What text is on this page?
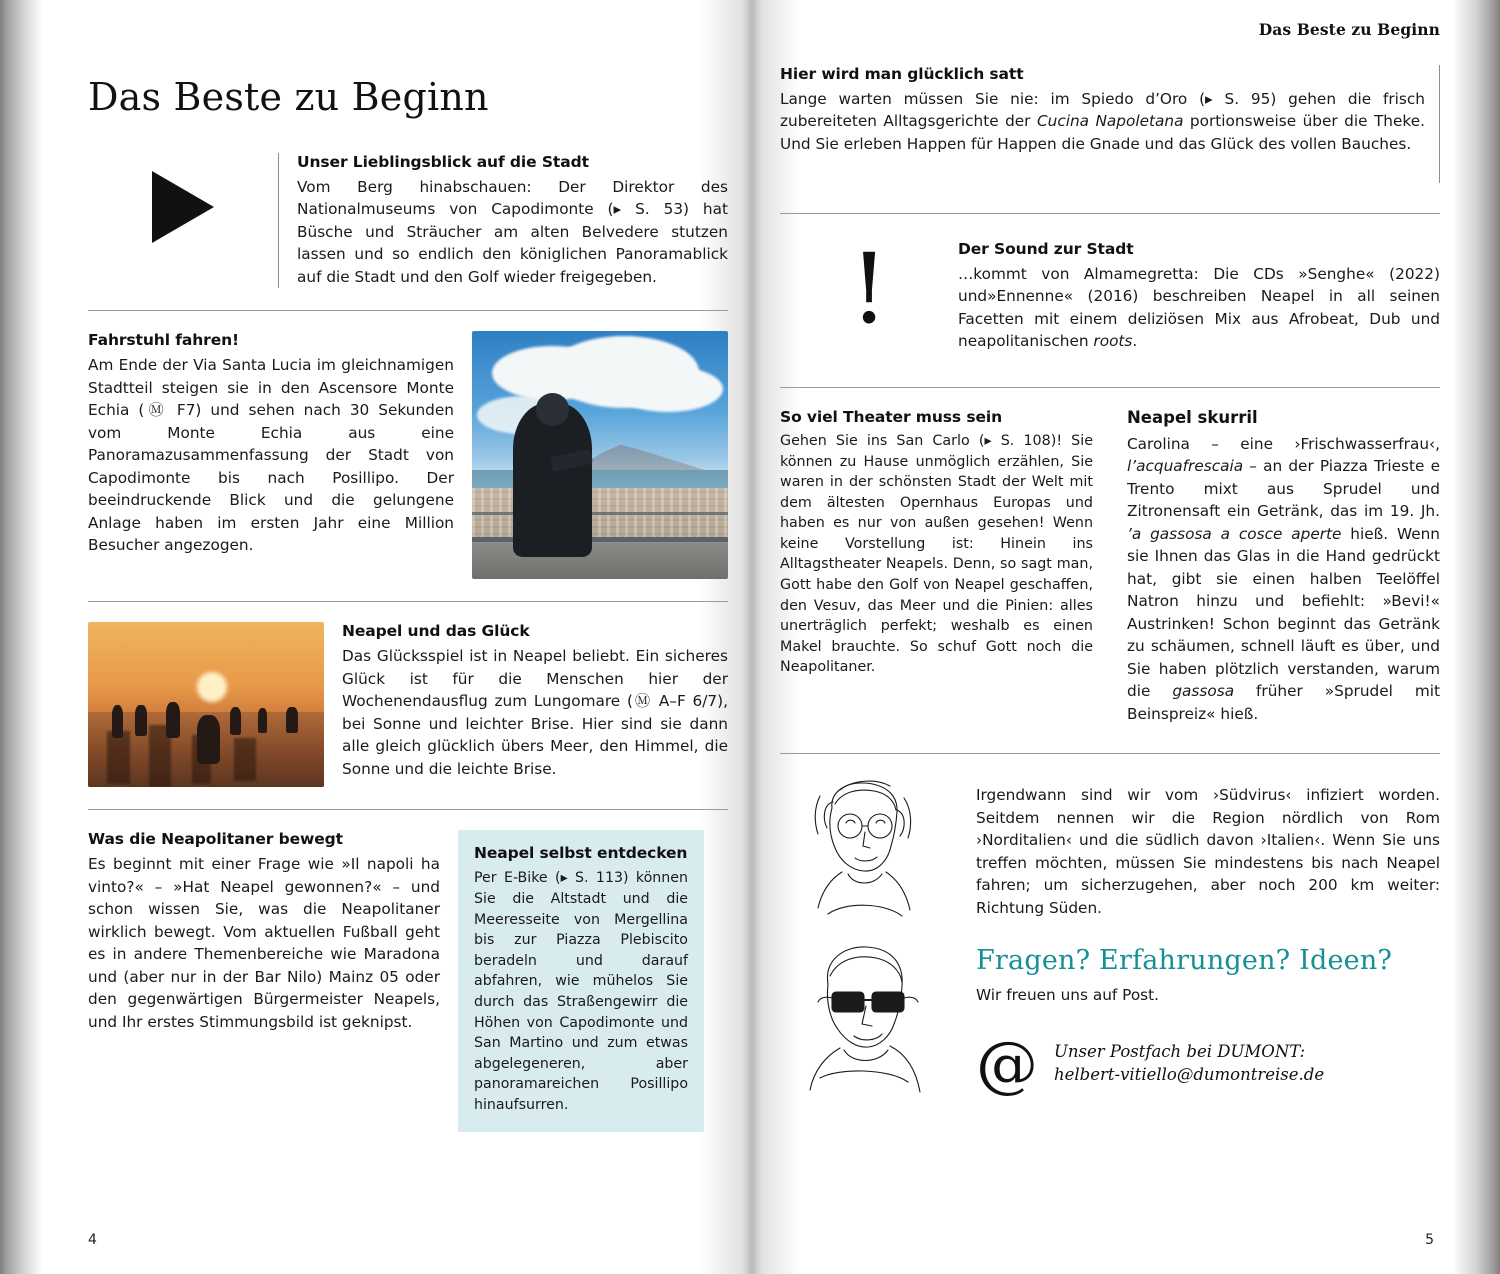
Das Beste zu Beginn
Unser Lieblingsblick auf die Stadt

Vom Berg hinabschauen: Der Direktor des Nationalmuseums von Capodimonte (▸ S. 53) hat Büsche und Sträucher am alten Belvedere stutzen lassen und so endlich den königlichen Panoramablick auf die Stadt und den Golf wieder freigegeben.

Fahrstuhl fahren!

Am Ende der Via Santa Lucia im gleichnamigen Stadtteil steigen sie in den Ascensore Monte Echia (Ⓜ F7) und sehen nach 30 Sekunden vom Monte Echia aus eine Panoramazusammenfassung der Stadt von Capodimonte bis nach Posillipo. Der beeindruckende Blick und die gelungene Anlage haben im ersten Jahr eine Million Besucher angezogen.

Neapel und das Glück

Das Glücksspiel ist in Neapel beliebt. Ein sicheres Glück ist für die Menschen hier der Wochenendausflug zum Lungomare (Ⓜ A–F 6/7), bei Sonne und leichter Brise. Hier sind sie dann alle gleich glücklich übers Meer, den Himmel, die Sonne und die leichte Brise.

Was die Neapolitaner bewegt

Es beginnt mit einer Frage wie »Il napoli ha vinto?« – »Hat Neapel gewonnen?« – und schon wissen Sie, was die Neapolitaner wirklich bewegt. Vom aktuellen Fußball geht es in andere Themenbereiche wie Maradona und (aber nur in der Bar Nilo) Mainz 05 oder den gegenwärtigen Bürgermeister Neapels, und Ihr erstes Stimmungsbild ist geknipst.

Neapel selbst entdecken

Per E-Bike (▸ S. 113) können Sie die Altstadt und die Meeresseite von Mergellina bis zur Piazza Plebiscito beradeln und darauf abfahren, wie mühelos Sie durch das Straßengewirr die Höhen von Capodimonte und San Martino und zum etwas abgelegeneren, aber panoramareichen Posillipo hinaufsurren.

4
Das Beste zu Beginn
Hier wird man glücklich satt

Lange warten müssen Sie nie: im Spiedo d’Oro (▸ S. 95) gehen die frisch zubereiteten Alltagsgerichte der Cucina Napoletana portionsweise über die Theke. Und Sie erleben Happen für Happen die Gnade und das Glück des vollen Bauches.

!	Der Sound zur Stadt

…kommt von Almamegretta: Die CDs »Senghe« (2022) und»Ennenne« (2016) beschreiben Neapel in all seinen Facetten mit einem deliziösen Mix aus Afrobeat, Dub und neapolitanischen roots.

So viel Theater muss sein

Gehen Sie ins San Carlo (▸ S. 108)! Sie können zu Hause unmöglich erzählen, Sie waren in der schönsten Stadt der Welt mit dem ältesten Opernhaus Europas und haben es nur von außen gesehen! Wenn keine Vorstellung ist: Hinein ins Alltagstheater Neapels. Denn, so sagt man, Gott habe den Golf von Neapel geschaffen, den Vesuv, das Meer und die Pinien: alles unerträglich perfekt; weshalb es einen Makel brauchte. So schuf Gott noch die Neapolitaner.

Neapel skurril

Carolina – eine ›Frischwasserfrau‹, l’acquafrescaia – an der Piazza Trieste e Trento mixt aus Sprudel und Zitronensaft ein Getränk, das im 19. Jh. ’a gassosa a cosce aperte hieß. Wenn sie Ihnen das Glas in die Hand gedrückt hat, gibt sie einen halben Teelöffel Natron hinzu und befiehlt: »Bevi!« Austrinken! Schon beginnt das Getränk zu schäumen, schnell läuft es über, und Sie haben plötzlich verstanden, warum die gassosa früher »Sprudel mit Beinspreiz« hieß.

Irgendwann sind wir vom ›Südvirus‹ infiziert worden. Seitdem nennen wir die Region nördlich von Rom ›Norditalien‹ und die südlich davon ›Italien‹. Wenn Sie uns treffen möchten, müssen Sie mindestens bis nach Neapel fahren; um sicherzugehen, aber noch 200 km weiter: Richtung Süden.

Fragen? Erfahrungen? Ideen?

Wir freuen uns auf Post.

@ Unser Postfach bei DUMONT:
helbert-vitiello@dumontreise.de
5
